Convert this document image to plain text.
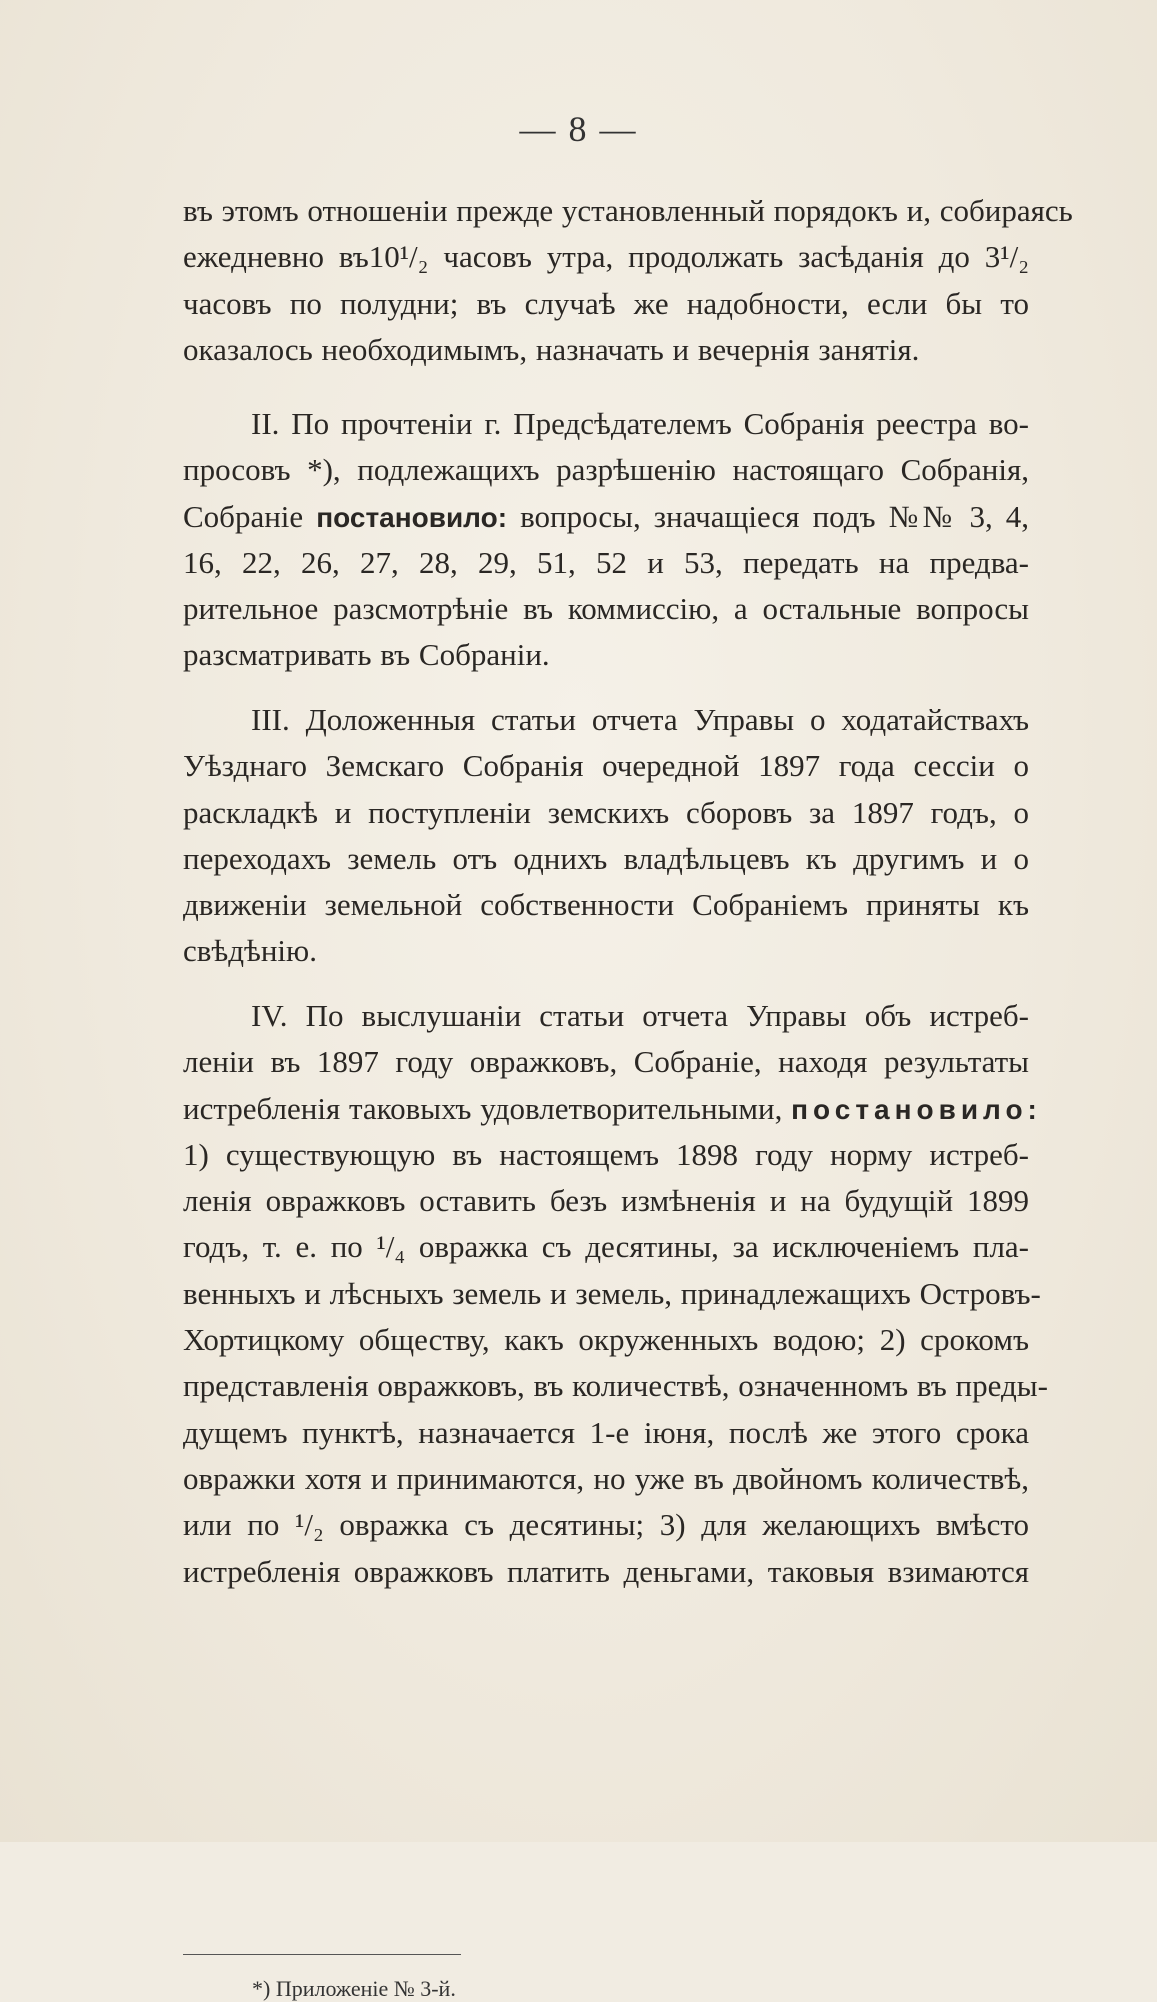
— 8 —
въ этомъ отношеніи прежде установленный порядокъ и, собираясь
ежедневно въ10¹/₂ часовъ утра, продолжать засѣданія до 3¹/₂
часовъ по полудни; въ случаѣ же надобности, если бы то
оказалось необходимымъ, назначать и вечернія занятія.
II. По прочтеніи г. Предсѣдателемъ Собранія реестра во-
просовъ *), подлежащихъ разрѣшенію настоящаго Собранія,
Собраніе постановило: вопросы, значащіеся подъ №№ 3, 4,
16, 22, 26, 27, 28, 29, 51, 52 и 53, передать на предва-
рительное разсмотрѣніе въ коммиссію, а остальные вопросы
разсматривать въ Собраніи.
III. Доложенныя статьи отчета Управы о ходатайствахъ
Уѣзднаго Земскаго Собранія очередной 1897 года сессіи о
раскладкѣ и поступленіи земскихъ сборовъ за 1897 годъ, о
переходахъ земель отъ однихъ владѣльцевъ къ другимъ и о
движеніи земельной собственности Собраніемъ приняты къ
свѣдѣнію.
IV. По выслушаніи статьи отчета Управы объ истреб-
леніи въ 1897 году овражковъ, Собраніе, находя результаты
истребленія таковыхъ удовлетворительными, постановило:
1) существующую въ настоящемъ 1898 году норму истреб-
ленія овражковъ оставить безъ измѣненія и на будущій 1899
годъ, т. е. по ¹/₄ овражка съ десятины, за исключеніемъ пла-
венныхъ и лѣсныхъ земель и земель, принадлежащихъ Островъ-
Хортицкому обществу, какъ окруженныхъ водою; 2) срокомъ
представленія овражковъ, въ количествѣ, означенномъ въ преды-
дущемъ пунктѣ, назначается 1-е іюня, послѣ же этого срока
овражки хотя и принимаются, но уже въ двойномъ количествѣ,
или по ¹/₂ овражка съ десятины; 3) для желающихъ вмѣсто
истребленія овражковъ платить деньгами, таковыя взимаются
*) Приложеніе № 3-й.
